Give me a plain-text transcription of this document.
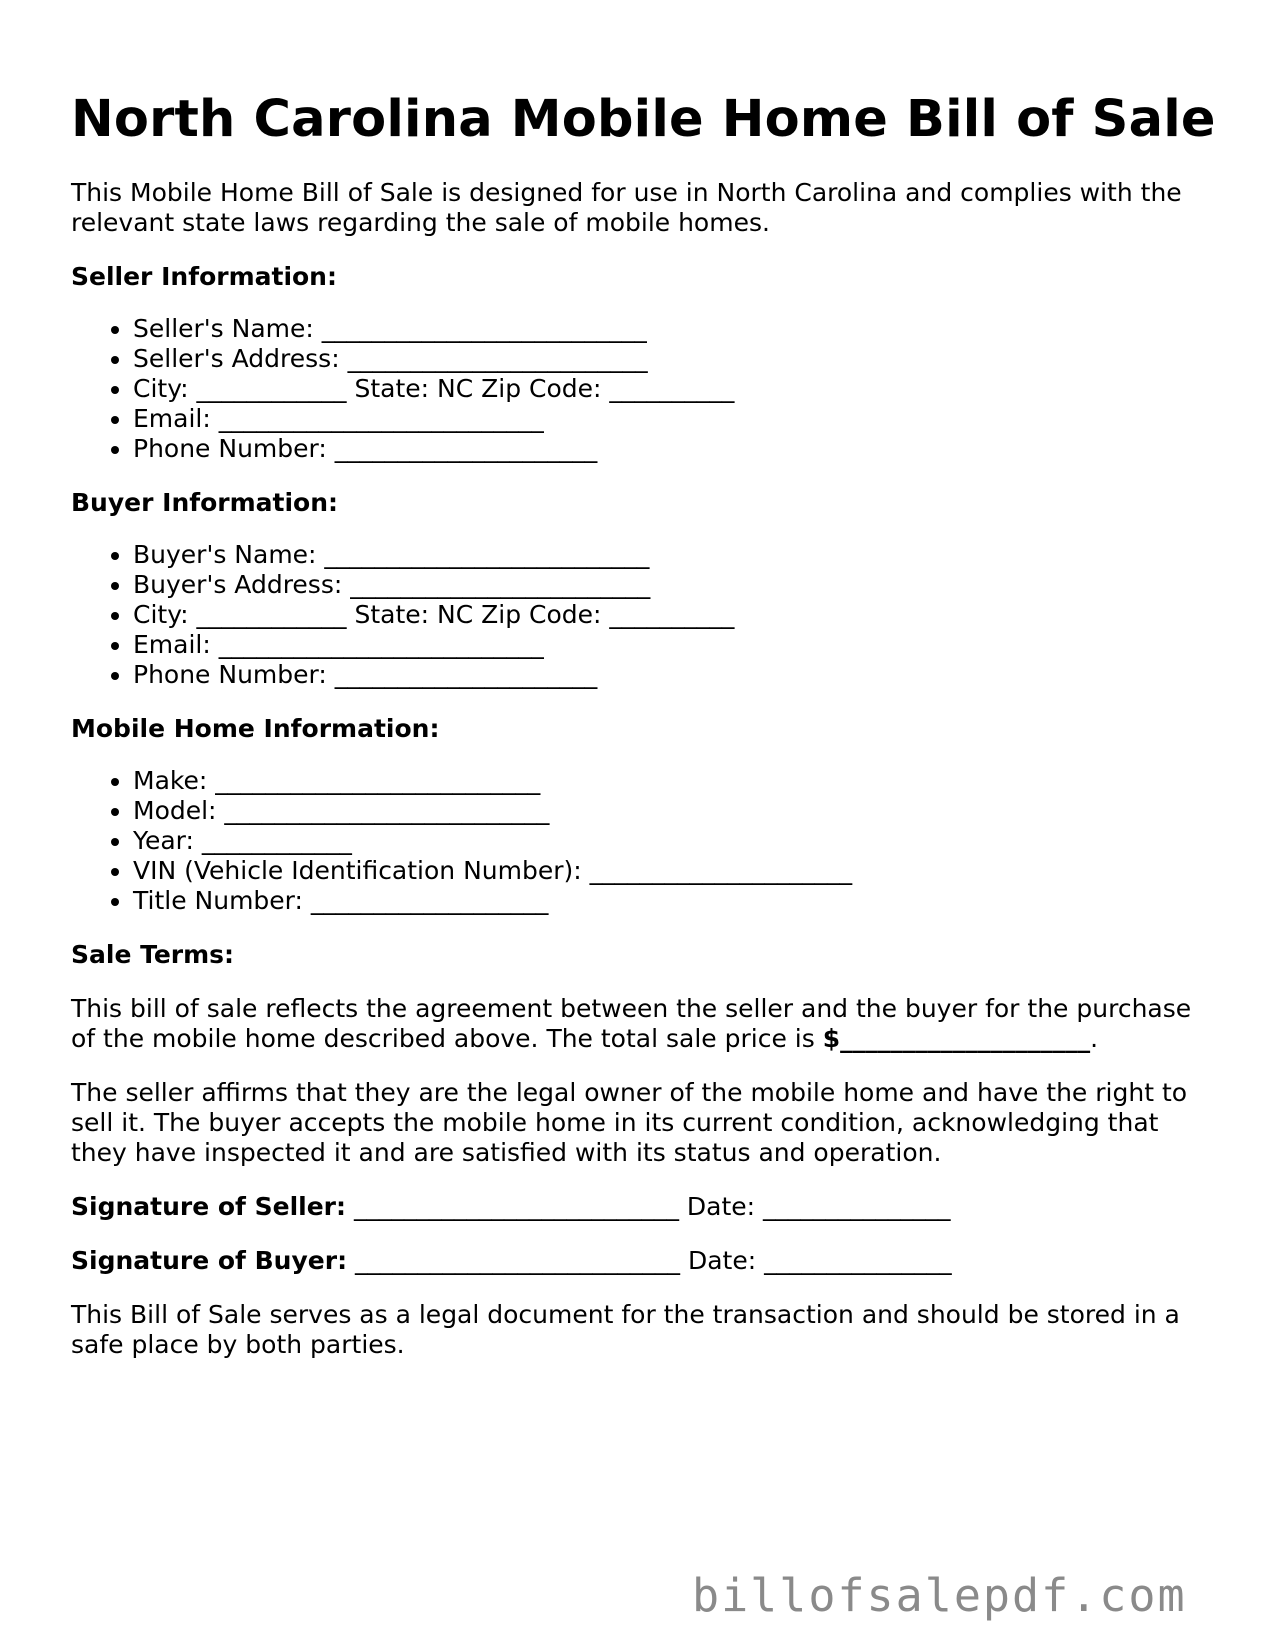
North Carolina Mobile Home Bill of Sale

This Mobile Home Bill of Sale is designed for use in North Carolina and complies with the relevant state laws regarding the sale of mobile homes.

Seller Information:

• Seller's Name: __________________________
• Seller's Address: ________________________
• City: ____________ State: NC Zip Code: __________
• Email: __________________________
• Phone Number: _____________________

Buyer Information:

• Buyer's Name: __________________________
• Buyer's Address: ________________________
• City: ____________ State: NC Zip Code: __________
• Email: __________________________
• Phone Number: _____________________

Mobile Home Information:

• Make: __________________________
• Model: __________________________
• Year: ____________
• VIN (Vehicle Identification Number): _____________________
• Title Number: ___________________

Sale Terms:

This bill of sale reflects the agreement between the seller and the buyer for the purchase of the mobile home described above. The total sale price is $____________________.

The seller affirms that they are the legal owner of the mobile home and have the right to sell it. The buyer accepts the mobile home in its current condition, acknowledging that they have inspected it and are satisfied with its status and operation.

Signature of Seller: __________________________ Date: _______________

Signature of Buyer: __________________________ Date: _______________

This Bill of Sale serves as a legal document for the transaction and should be stored in a safe place by both parties.

billofsalepdf.com
